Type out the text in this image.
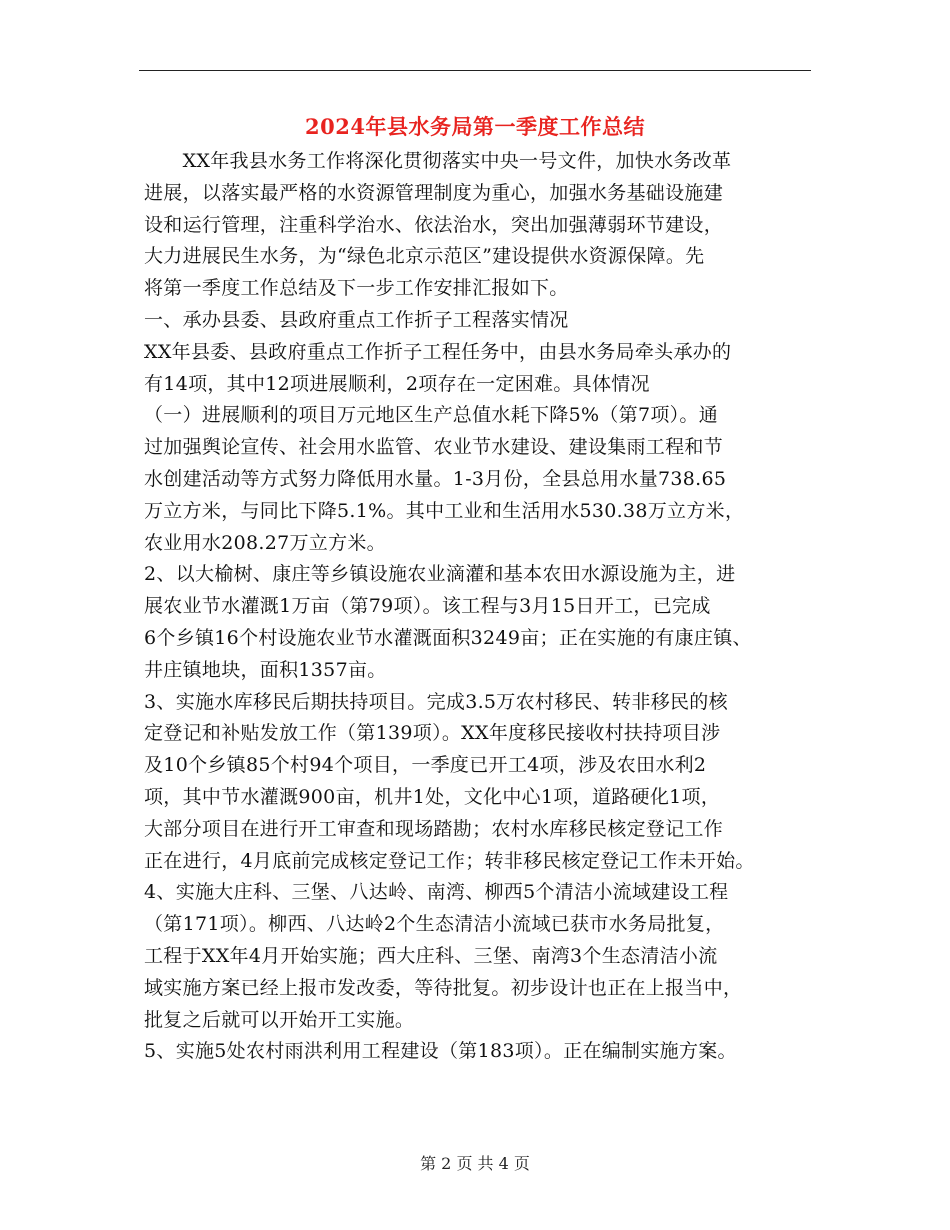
2024年县水务局第一季度工作总结
　　XX年我县水务工作将深化贯彻落实中央一号文件，加快水务改革
进展，以落实最严格的水资源管理制度为重心，加强水务基础设施建
设和运行管理，注重科学治水、依法治水，突出加强薄弱环节建设，
大力进展民生水务，为“绿色北京示范区”建设提供水资源保障。先
将第一季度工作总结及下一步工作安排汇报如下。
一、承办县委、县政府重点工作折子工程落实情况
XX年县委、县政府重点工作折子工程任务中，由县水务局牵头承办的
有14项，其中12项进展顺利，2项存在一定困难。具体情况
（一）进展顺利的项目万元地区生产总值水耗下降5%（第7项）。通
过加强舆论宣传、社会用水监管、农业节水建设、建设集雨工程和节
水创建活动等方式努力降低用水量。1-3月份，全县总用水量738.65
万立方米，与同比下降5.1%。其中工业和生活用水530.38万立方米，
农业用水208.27万立方米。
2、以大榆树、康庄等乡镇设施农业滴灌和基本农田水源设施为主，进
展农业节水灌溉1万亩（第79项）。该工程与3月15日开工，已完成
6个乡镇16个村设施农业节水灌溉面积3249亩；正在实施的有康庄镇、
井庄镇地块，面积1357亩。
3、实施水库移民后期扶持项目。完成3.5万农村移民、转非移民的核
定登记和补贴发放工作（第139项）。XX年度移民接收村扶持项目涉
及10个乡镇85个村94个项目，一季度已开工4项，涉及农田水利2
项，其中节水灌溉900亩，机井1处，文化中心1项，道路硬化1项，
大部分项目在进行开工审查和现场踏勘；农村水库移民核定登记工作
正在进行，4月底前完成核定登记工作；转非移民核定登记工作未开始。
4、实施大庄科、三堡、八达岭、南湾、柳西5个清洁小流域建设工程
（第171项）。柳西、八达岭2个生态清洁小流域已获市水务局批复，
工程于XX年4月开始实施；西大庄科、三堡、南湾3个生态清洁小流
域实施方案已经上报市发改委，等待批复。初步设计也正在上报当中，
批复之后就可以开始开工实施。
5、实施5处农村雨洪利用工程建设（第183项）。正在编制实施方案。
第 2 页 共 4 页
